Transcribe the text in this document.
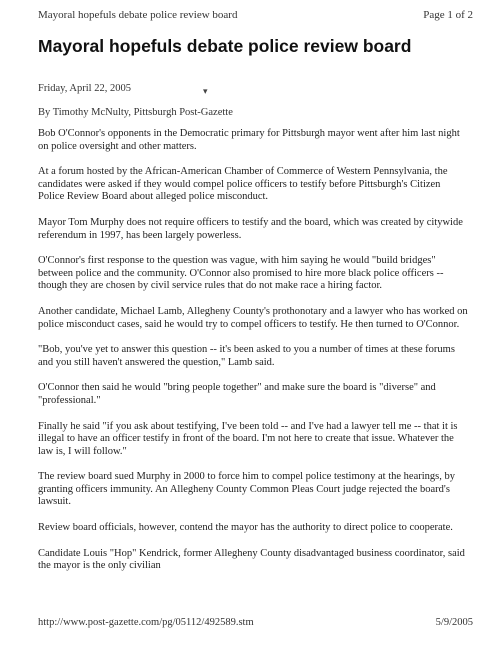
Mayoral hopefuls debate police review board	Page 1 of 2
Mayoral hopefuls debate police review board
Friday, April 22, 2005	▾
By Timothy McNulty, Pittsburgh Post-Gazette

Bob O'Connor's opponents in the Democratic primary for Pittsburgh mayor went after him last night on police oversight and other matters.

At a forum hosted by the African-American Chamber of Commerce of Western Pennsylvania, the candidates were asked if they would compel police officers to testify before Pittsburgh's Citizen Police Review Board about alleged police misconduct.

Mayor Tom Murphy does not require officers to testify and the board, which was created by citywide referendum in 1997, has been largely powerless.

O'Connor's first response to the question was vague, with him saying he would "build bridges" between police and the community. O'Connor also promised to hire more black police officers -- though they are chosen by civil service rules that do not make race a hiring factor.

Another candidate, Michael Lamb, Allegheny County's prothonotary and a lawyer who has worked on police misconduct cases, said he would try to compel officers to testify. He then turned to O'Connor.

"Bob, you've yet to answer this question -- it's been asked to you a number of times at these forums and you still haven't answered the question," Lamb said.

O'Connor then said he would "bring people together" and make sure the board is "diverse" and "professional."

Finally he said "if you ask about testifying, I've been told -- and I've had a lawyer tell me -- that it is illegal to have an officer testify in front of the board. I'm not here to create that issue. Whatever the law is, I will follow."

The review board sued Murphy in 2000 to force him to compel police testimony at the hearings, by granting officers immunity. An Allegheny County Common Pleas Court judge rejected the board's lawsuit.

Review board officials, however, contend the mayor has the authority to direct police to cooperate.

Candidate Louis "Hop" Kendrick, former Allegheny County disadvantaged business coordinator, said the mayor is the only civilian

http://www.post-gazette.com/pg/05112/492589.stm	5/9/2005
